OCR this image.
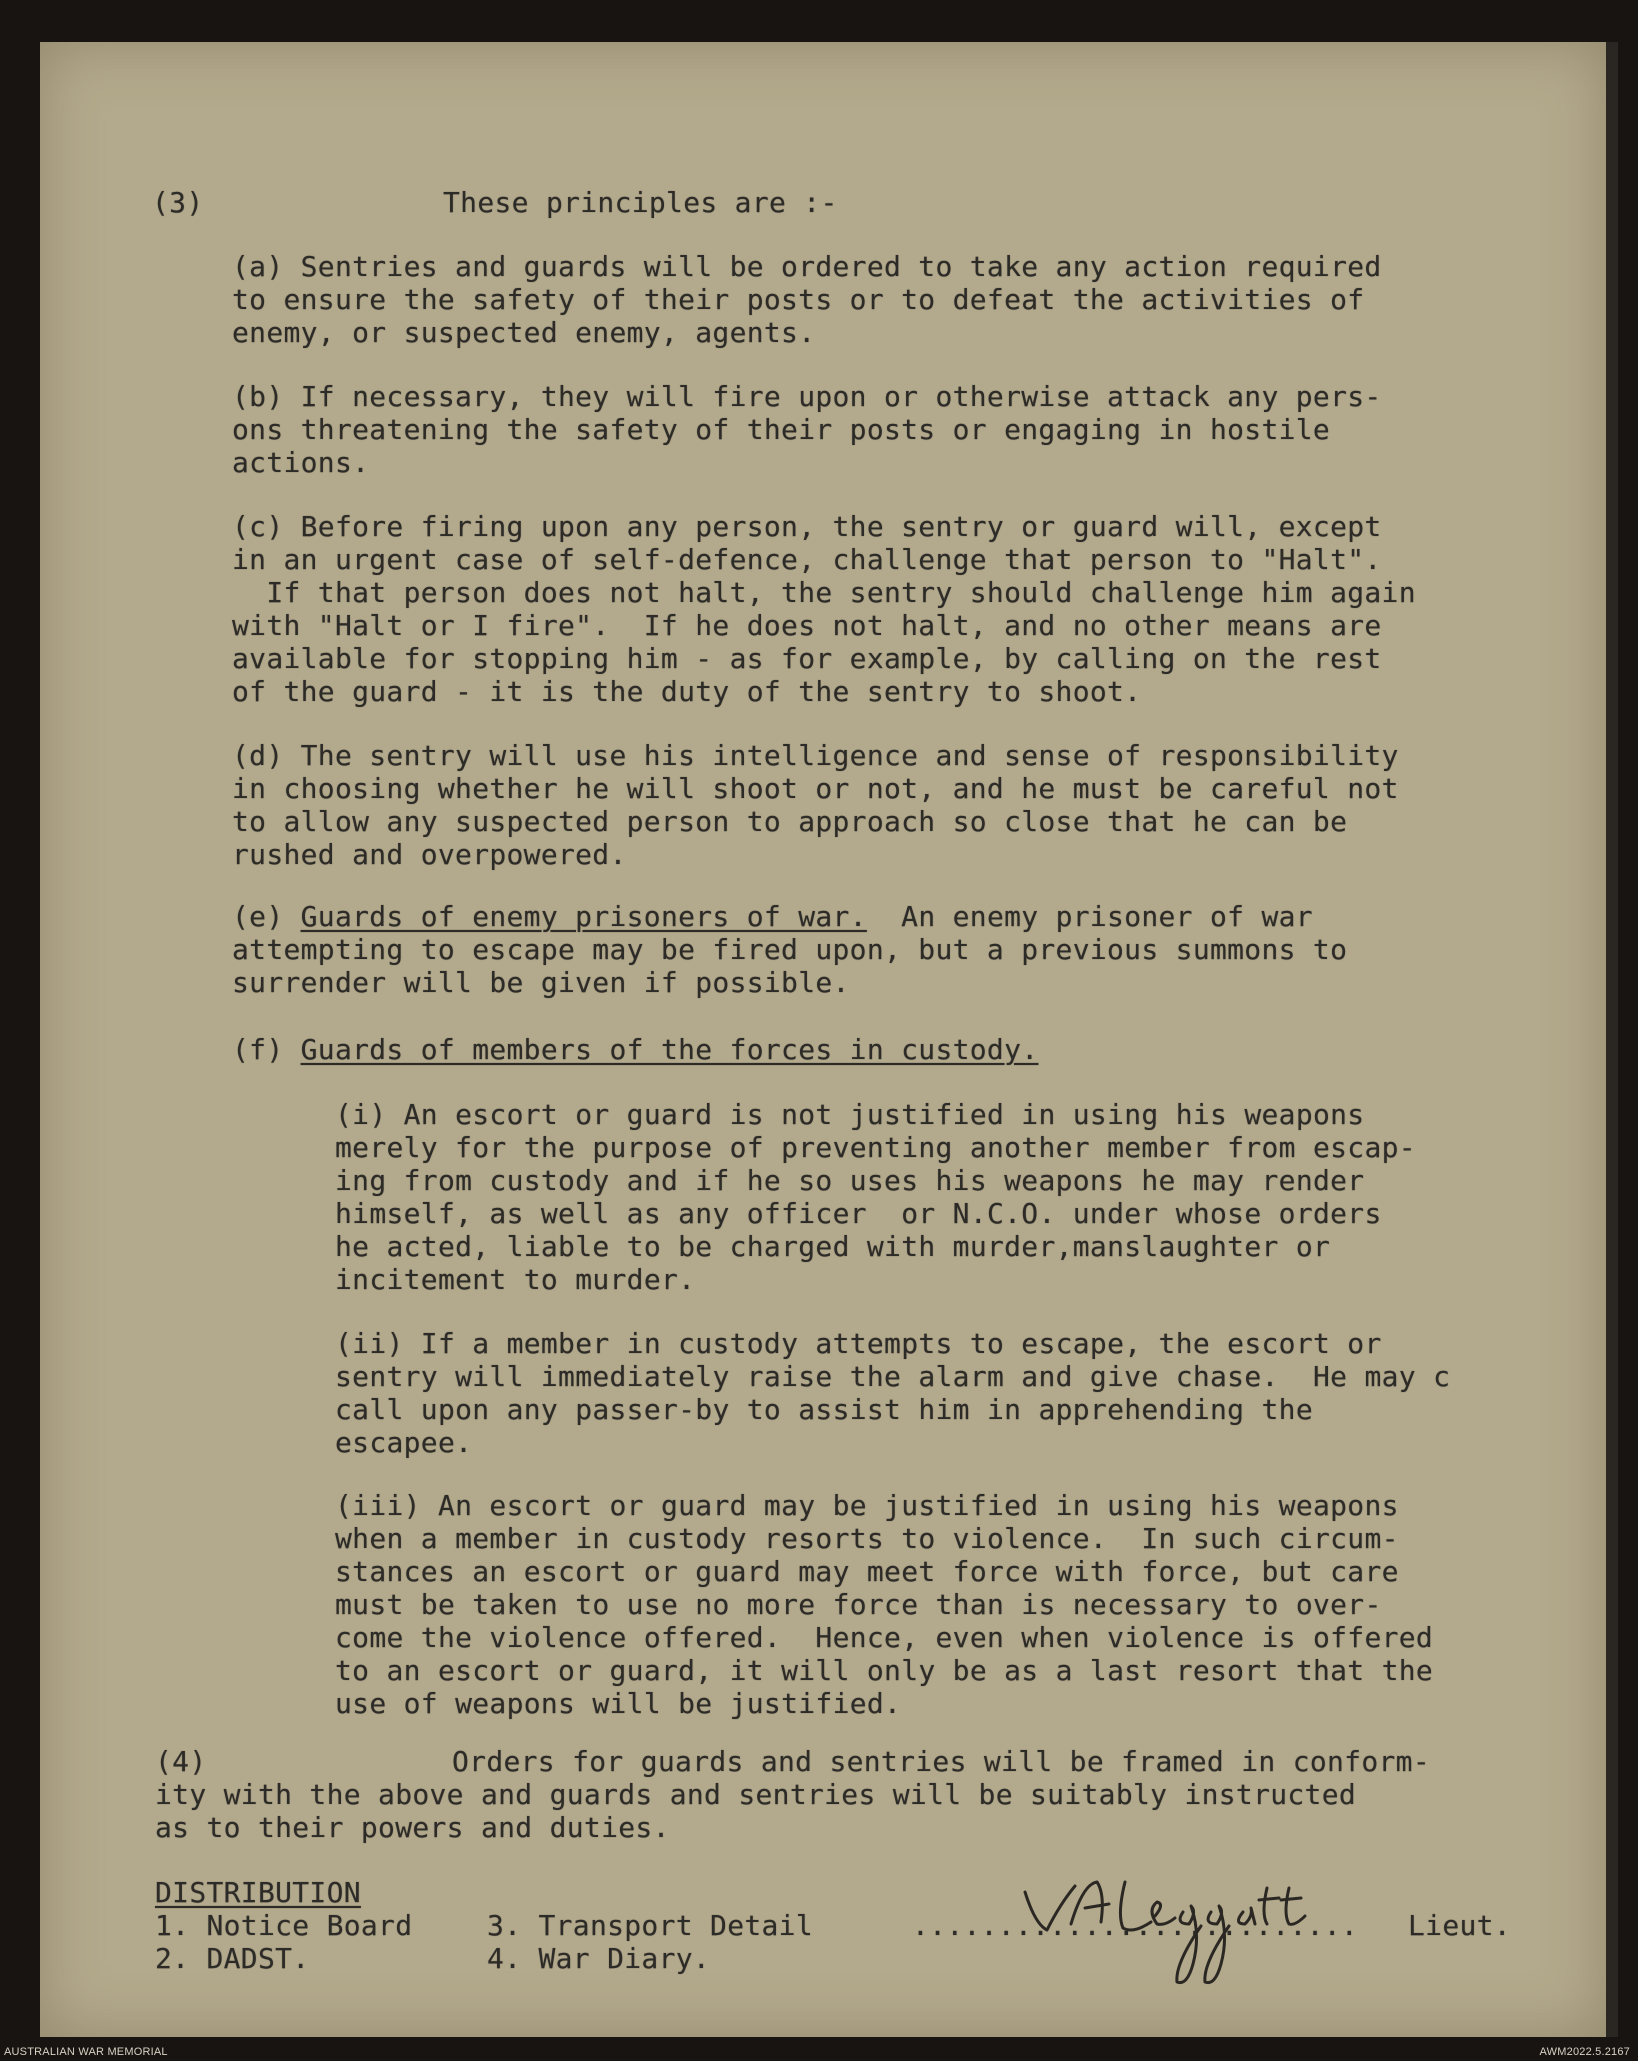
(3)	These principles are :-
(a) Sentries and guards will be ordered to take any action required
to ensure the safety of their posts or to defeat the activities of
enemy, or suspected enemy, agents.
(b) If necessary, they will fire upon or otherwise attack any pers-
ons threatening the safety of their posts or engaging in hostile
actions.
(c) Before firing upon any person, the sentry or guard will, except
in an urgent case of self-defence, challenge that person to "Halt".
If that person does not halt, the sentry should challenge him again
with "Halt or I fire".  If he does not halt, and no other means are
available for stopping him - as for example, by calling on the rest
of the guard - it is the duty of the sentry to shoot.
(d) The sentry will use his intelligence and sense of responsibility
in choosing whether he will shoot or not, and he must be careful not
to allow any suspected person to approach so close that he can be
rushed and overpowered.
(e) Guards of enemy prisoners of war.  An enemy prisoner of war
attempting to escape may be fired upon, but a previous summons to
surrender will be given if possible.
(f) Guards of members of the forces in custody.
(i) An escort or guard is not justified in using his weapons
merely for the purpose of preventing another member from escap-
ing from custody and if he so uses his weapons he may render
himself, as well as any officer  or N.C.O. under whose orders
he acted, liable to be charged with murder,manslaughter or
incitement to murder.
(ii) If a member in custody attempts to escape, the escort or
sentry will immediately raise the alarm and give chase.  He may c
call upon any passer-by to assist him in apprehending the
escapee.
(iii) An escort or guard may be justified in using his weapons
when a member in custody resorts to violence.  In such circum-
stances an escort or guard may meet force with force, but care
must be taken to use no more force than is necessary to over-
come the violence offered.  Hence, even when violence is offered
to an escort or guard, it will only be as a last resort that the
use of weapons will be justified.
(4)	Orders for guards and sentries will be framed in conform-
ity with the above and guards and sentries will be suitably instructed
as to their powers and duties.
DISTRIBUTION
1. Notice Board	3. Transport Detail	.......................... Lieut.
2. DADST.	4. War Diary.
AUSTRALIAN WAR MEMORIAL	AWM2022.5.2167
